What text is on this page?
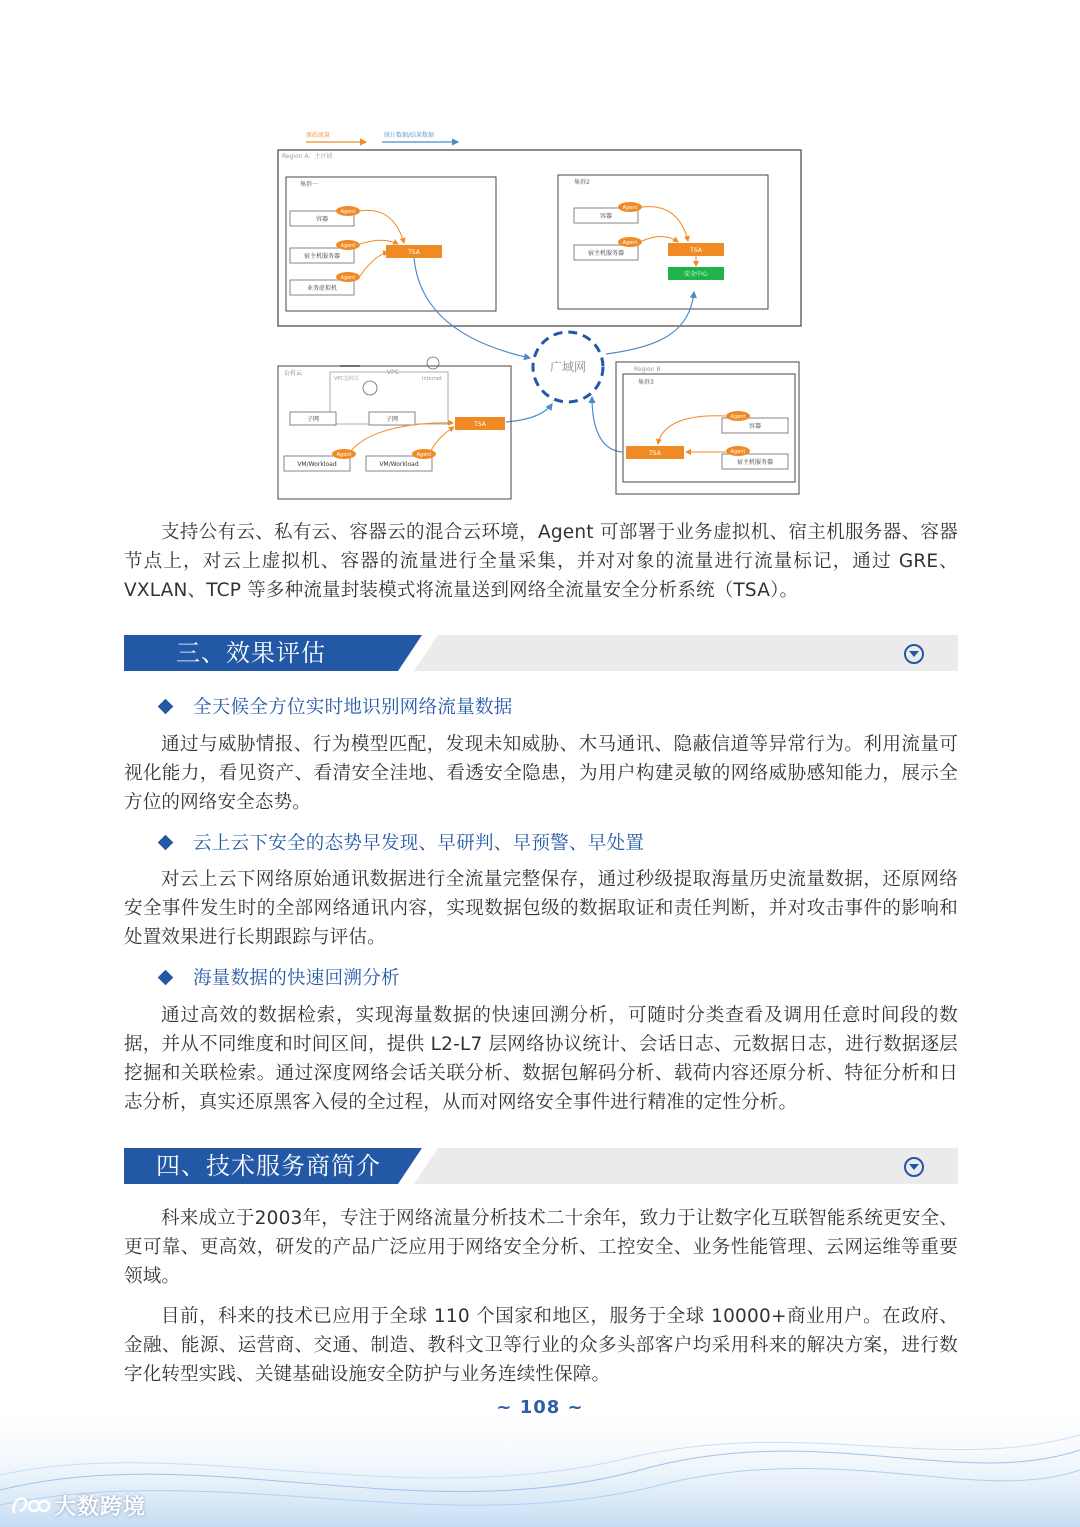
原始流量	统计数据/结果数据
Region A：主区域
集群一
容器
宿主机服务器
业务虚拟机
Agent
Agent
Agent
TSA
集群2
容器
宿主机服务器
Agent
Agent
TSA
安全中心
广域网
公有云
VPC边网关
VPC
Internet
子网	子网
VM/Workload	VM/Workload
Agent	Agent
TSA
Region B
集群3
容器
宿主机服务器
Agent
Agent
TSA

支持公有云、私有云、容器云的混合云环境，Agent 可部署于业务虚拟机、宿主机服务器、容器节点上，对云上虚拟机、容器的流量进行全量采集，并对对象的流量进行流量标记，通过 GRE、VXLAN、TCP 等多种流量封装模式将流量送到网络全流量安全分析系统（TSA）。

三、效果评估
全天候全方位实时地识别网络流量数据

通过与威胁情报、行为模型匹配，发现未知威胁、木马通讯、隐蔽信道等异常行为。利用流量可视化能力，看见资产、看清安全洼地、看透安全隐患，为用户构建灵敏的网络威胁感知能力，展示全方位的网络安全态势。

云上云下安全的态势早发现、早研判、早预警、早处置

对云上云下网络原始通讯数据进行全流量完整保存，通过秒级提取海量历史流量数据，还原网络安全事件发生时的全部网络通讯内容，实现数据包级的数据取证和责任判断，并对攻击事件的影响和处置效果进行长期跟踪与评估。

海量数据的快速回溯分析

通过高效的数据检索，实现海量数据的快速回溯分析，可随时分类查看及调用任意时间段的数据，并从不同维度和时间区间，提供 L2-L7 层网络协议统计、会话日志、元数据日志，进行数据逐层挖掘和关联检索。通过深度网络会话关联分析、数据包解码分析、载荷内容还原分析、特征分析和日志分析，真实还原黑客入侵的全过程，从而对网络安全事件进行精准的定性分析。

四、技术服务商简介

科来成立于2003年，专注于网络流量分析技术二十余年，致力于让数字化互联智能系统更安全、更可靠、更高效，研发的产品广泛应用于网络安全分析、工控安全、业务性能管理、云网运维等重要领域。

目前，科来的技术已应用于全球 110 个国家和地区，服务于全球 10000+商业用户。在政府、金融、能源、运营商、交通、制造、教科文卫等行业的众多头部客户均采用科来的解决方案，进行数字化转型实践、关键基础设施安全防护与业务连续性保障。

~ 108 ~
大数跨境
